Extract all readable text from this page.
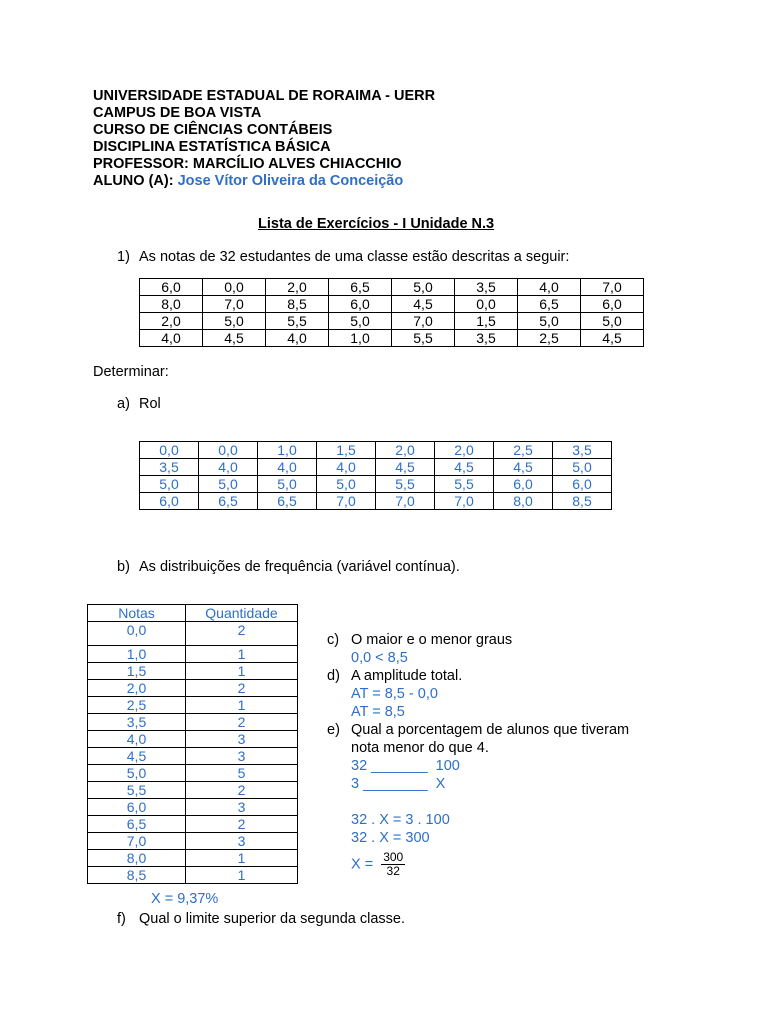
UNIVERSIDADE ESTADUAL DE RORAIMA - UERR
CAMPUS DE BOA VISTA
CURSO DE CIÊNCIAS CONTÁBEIS
DISCIPLINA ESTATÍSTICA BÁSICA
PROFESSOR: MARCÍLIO ALVES CHIACCHIO
ALUNO (A): Jose Vítor Oliveira da Conceição
Lista de Exercícios - I Unidade N.3
1) As notas de 32 estudantes de uma classe estão descritas a seguir:
6,0	0,0	2,0	6,5	5,0	3,5	4,0	7,0
8,0	7,0	8,5	6,0	4,5	0,0	6,5	6,0
2,0	5,0	5,5	5,0	7,0	1,5	5,0	5,0
4,0	4,5	4,0	1,0	5,5	3,5	2,5	4,5
Determinar:
a) Rol
0,0	0,0	1,0	1,5	2,0	2,0	2,5	3,5
3,5	4,0	4,0	4,0	4,5	4,5	4,5	5,0
5,0	5,0	5,0	5,0	5,5	5,5	6,0	6,0
6,0	6,5	6,5	7,0	7,0	7,0	8,0	8,5
b) As distribuições de frequência (variável contínua).
Notas	Quantidade
0,0	2
1,0	1
1,5	1
2,0	2
2,5	1
3,5	2
4,0	3
4,5	3
5,0	5
5,5	2
6,0	3
6,5	2
7,0	3
8,0	1
8,5	1
X = 9,37%
c) O maior e o menor graus
0,0 < 8,5
d) A amplitude total.
AT = 8,5 - 0,0
AT = 8,5
e) Qual a porcentagem de alunos que tiveram
nota menor do que 4.
32 _______  100
3 ________  X
32 . X = 3 . 100
32 . X = 300
$X = \frac{300}{32}$
f) Qual o limite superior da segunda classe.
